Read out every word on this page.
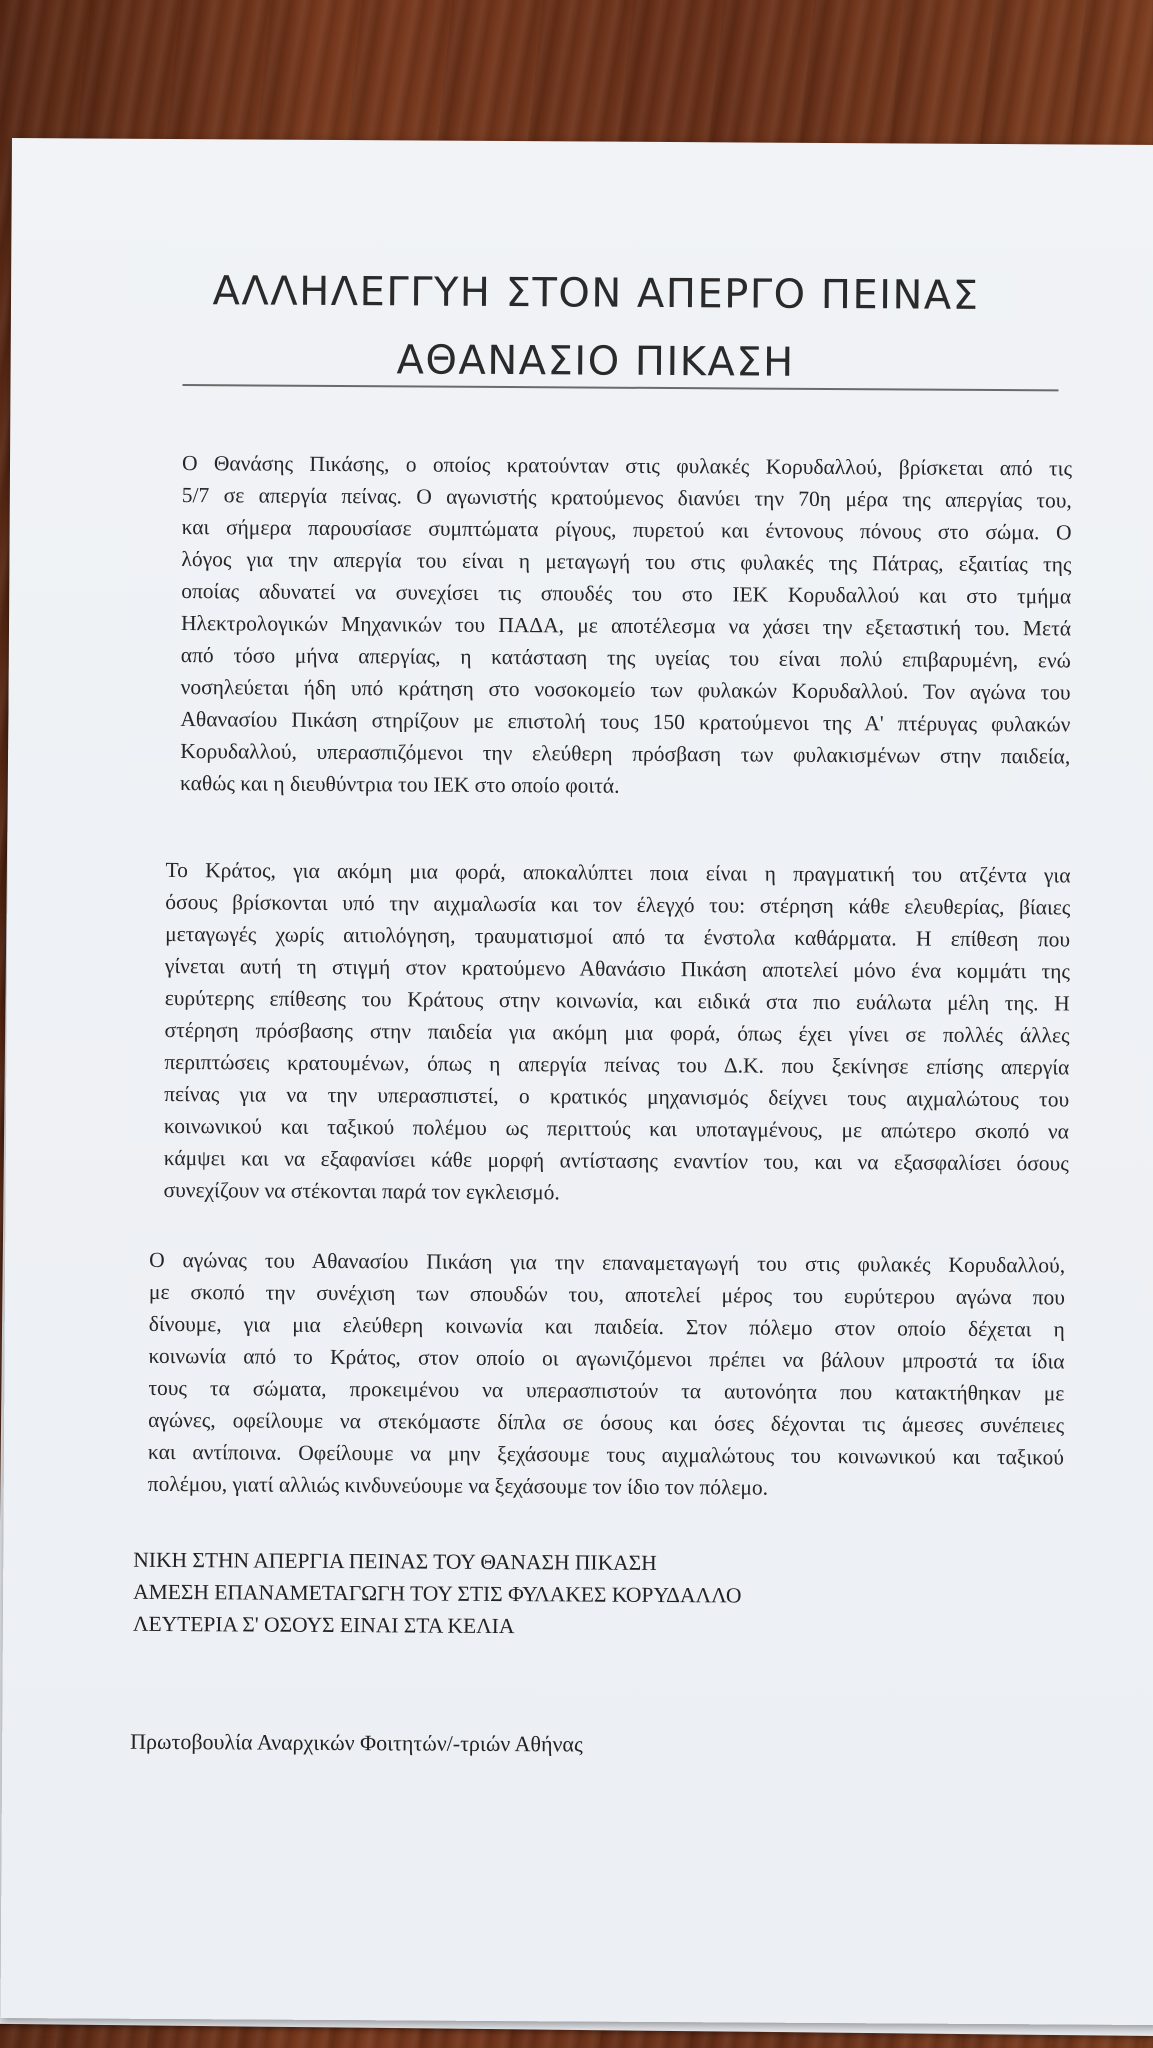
ΑΛΛΗΛΕΓΓΥΗ ΣΤΟΝ ΑΠΕΡΓΟ ΠΕΙΝΑΣ
ΑΘΑΝΑΣΙΟ ΠΙΚΑΣΗ
Ο Θανάσης Πικάσης, ο οποίος κρατούνταν στις φυλακές Κορυδαλλού, βρίσκεται από τις
5/7 σε απεργία πείνας. Ο αγωνιστής κρατούμενος διανύει την 70η μέρα της απεργίας του,
και σήμερα παρουσίασε συμπτώματα ρίγους, πυρετού και έντονους πόνους στο σώμα. Ο
λόγος για την απεργία του είναι η μεταγωγή του στις φυλακές της Πάτρας, εξαιτίας της
οποίας αδυνατεί να συνεχίσει τις σπουδές του στο ΙΕΚ Κορυδαλλού και στο τμήμα
Ηλεκτρολογικών Μηχανικών του ΠΑΔΑ, με αποτέλεσμα να χάσει την εξεταστική του. Μετά
από τόσο μήνα απεργίας, η κατάσταση της υγείας του είναι πολύ επιβαρυμένη, ενώ
νοσηλεύεται ήδη υπό κράτηση στο νοσοκομείο των φυλακών Κορυδαλλού. Τον αγώνα του
Αθανασίου Πικάση στηρίζουν με επιστολή τους 150 κρατούμενοι της Α' πτέρυγας φυλακών
Κορυδαλλού, υπερασπιζόμενοι την ελεύθερη πρόσβαση των φυλακισμένων στην παιδεία,
καθώς και η διευθύντρια του ΙΕΚ στο οποίο φοιτά.
Το Κράτος, για ακόμη μια φορά, αποκαλύπτει ποια είναι η πραγματική του ατζέντα για
όσους βρίσκονται υπό την αιχμαλωσία και τον έλεγχό του: στέρηση κάθε ελευθερίας, βίαιες
μεταγωγές χωρίς αιτιολόγηση, τραυματισμοί από τα ένστολα καθάρματα. Η επίθεση που
γίνεται αυτή τη στιγμή στον κρατούμενο Αθανάσιο Πικάση αποτελεί μόνο ένα κομμάτι της
ευρύτερης επίθεσης του Κράτους στην κοινωνία, και ειδικά στα πιο ευάλωτα μέλη της. Η
στέρηση πρόσβασης στην παιδεία για ακόμη μια φορά, όπως έχει γίνει σε πολλές άλλες
περιπτώσεις κρατουμένων, όπως η απεργία πείνας του Δ.Κ. που ξεκίνησε επίσης απεργία
πείνας για να την υπερασπιστεί, ο κρατικός μηχανισμός δείχνει τους αιχμαλώτους του
κοινωνικού και ταξικού πολέμου ως περιττούς και υποταγμένους, με απώτερο σκοπό να
κάμψει και να εξαφανίσει κάθε μορφή αντίστασης εναντίον του, και να εξασφαλίσει όσους
συνεχίζουν να στέκονται παρά τον εγκλεισμό.
Ο αγώνας του Αθανασίου Πικάση για την επαναμεταγωγή του στις φυλακές Κορυδαλλού,
με σκοπό την συνέχιση των σπουδών του, αποτελεί μέρος του ευρύτερου αγώνα που
δίνουμε, για μια ελεύθερη κοινωνία και παιδεία. Στον πόλεμο στον οποίο δέχεται η
κοινωνία από το Κράτος, στον οποίο οι αγωνιζόμενοι πρέπει να βάλουν μπροστά τα ίδια
τους τα σώματα, προκειμένου να υπερασπιστούν τα αυτονόητα που κατακτήθηκαν με
αγώνες, οφείλουμε να στεκόμαστε δίπλα σε όσους και όσες δέχονται τις άμεσες συνέπειες
και αντίποινα. Οφείλουμε να μην ξεχάσουμε τους αιχμαλώτους του κοινωνικού και ταξικού
πολέμου, γιατί αλλιώς κινδυνεύουμε να ξεχάσουμε τον ίδιο τον πόλεμο.
ΝΙΚΗ ΣΤΗΝ ΑΠΕΡΓΙΑ ΠΕΙΝΑΣ ΤΟΥ ΘΑΝΑΣΗ ΠΙΚΑΣΗ
ΑΜΕΣΗ ΕΠΑΝΑΜΕΤΑΓΩΓΗ ΤΟΥ ΣΤΙΣ ΦΥΛΑΚΕΣ ΚΟΡΥΔΑΛΛΟ
ΛΕΥΤΕΡΙΑ Σ' ΟΣΟΥΣ ΕΙΝΑΙ ΣΤΑ ΚΕΛΙΑ

Πρωτοβουλία Αναρχικών Φοιτητών/-τριών Αθήνας
